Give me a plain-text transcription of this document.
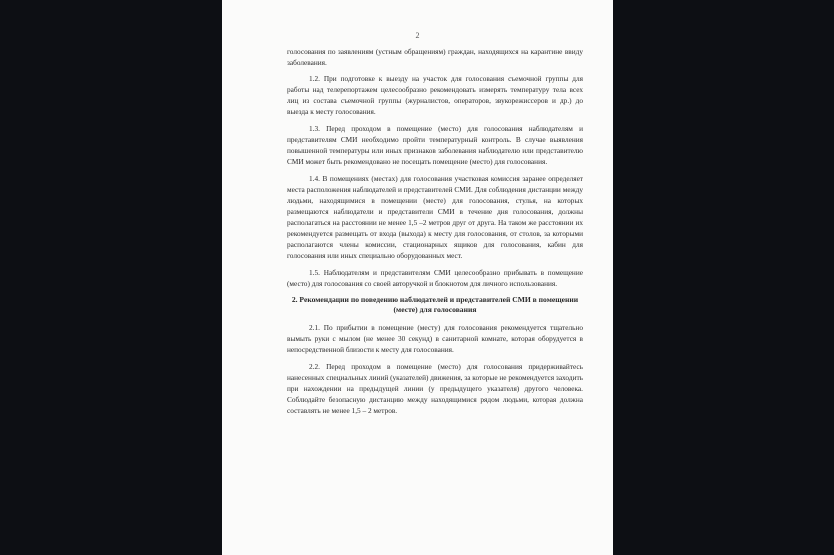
2

голосования по заявлениям (устным обращениям) граждан, находящихся на карантине ввиду заболевания.

1.2. При подготовке к выезду на участок для голосования съемочной группы для работы над телерепортажем целесообразно рекомендовать измерять температуру тела всех лиц из состава съемочной группы (журналистов, операторов, звукорежиссеров и др.) до выезда к месту голосования.

1.3. Перед проходом в помещение (место) для голосования наблюдателям и представителям СМИ необходимо пройти температурный контроль. В случае выявления повышенной температуры или иных признаков заболевания наблюдателю или представителю СМИ может быть рекомендовано не посещать помещение (место) для голосования.

1.4. В помещениях (местах) для голосования участковая комиссия заранее определяет места расположения наблюдателей и представителей СМИ. Для соблюдения дистанции между людьми, находящимися в помещении (месте) для голосования, стулья, на которых размещаются наблюдатели и представители СМИ в течение дня голосования, должны располагаться на расстоянии не менее 1,5 –2 метров друг от друга. На таком же расстоянии их рекомендуется размещать от входа (выхода) к месту для голосования, от столов, за которыми располагаются члены комиссии, стационарных ящиков для голосования, кабин для голосования или иных специально оборудованных мест.

1.5. Наблюдателям и представителям СМИ целесообразно прибывать в помещение (место) для голосования со своей авторучкой и блокнотом для личного использования.

2. Рекомендации по поведению наблюдателей и представителей СМИ в помещении (месте) для голосования

2.1. По прибытии в помещение (месту) для голосования рекомендуется тщательно вымыть руки с мылом (не менее 30 секунд) в санитарной комнате, которая оборудуется в непосредственной близости к месту для голосования.

2.2. Перед проходом в помещение (место) для голосования придерживайтесь нанесенных специальных линий (указателей) движения, за которые не рекомендуется заходить при нахождении на предыдущей линии (у предыдущего указателя) другого человека. Соблюдайте безопасную дистанцию между находящимися рядом людьми, которая должна составлять не менее 1,5 – 2 метров.
